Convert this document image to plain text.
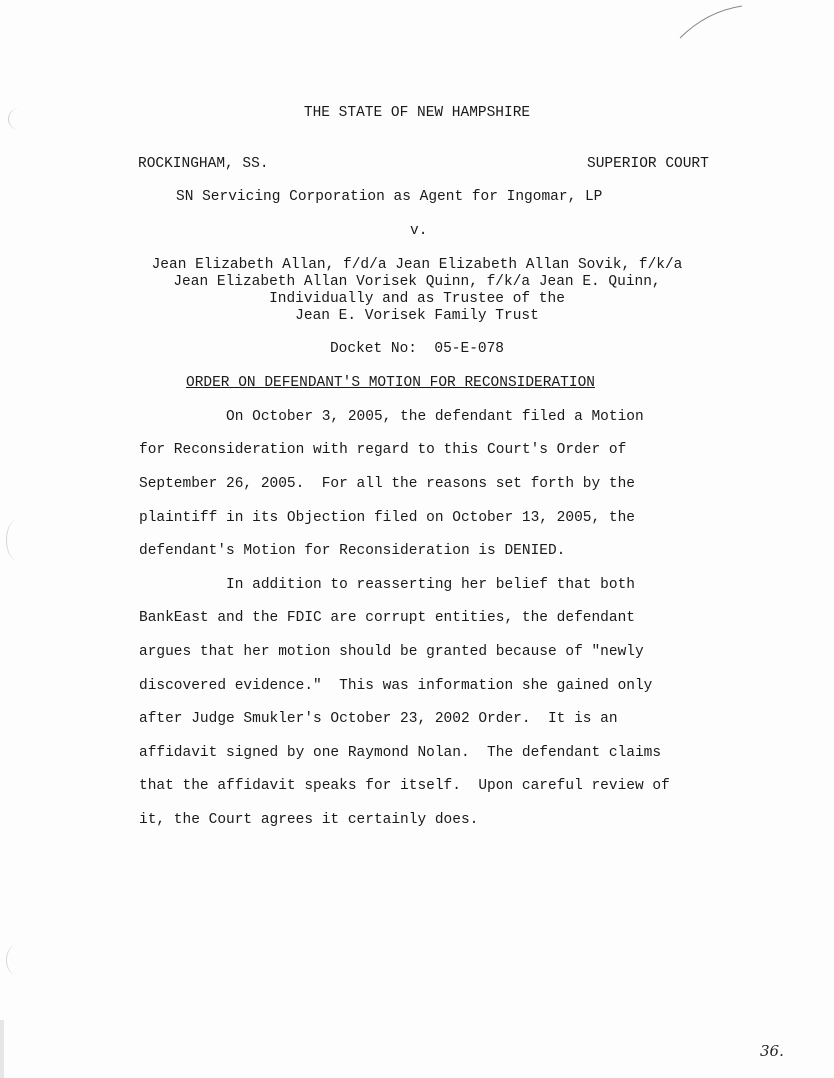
THE STATE OF NEW HAMPSHIRE

ROCKINGHAM, SS.	SUPERIOR COURT

SN Servicing Corporation as Agent for Ingomar, LP

v.

Jean Elizabeth Allan, f/d/a Jean Elizabeth Allan Sovik, f/k/a

Jean Elizabeth Allan Vorisek Quinn, f/k/a Jean E. Quinn,

Individually and as Trustee of the

Jean E. Vorisek Family Trust

Docket No:  05-E-078

ORDER ON DEFENDANT'S MOTION FOR RECONSIDERATION

On October 3, 2005, the defendant filed a Motion

for Reconsideration with regard to this Court's Order of

September 26, 2005.  For all the reasons set forth by the

plaintiff in its Objection filed on October 13, 2005, the

defendant's Motion for Reconsideration is DENIED.

In addition to reasserting her belief that both

BankEast and the FDIC are corrupt entities, the defendant

argues that her motion should be granted because of "newly

discovered evidence."  This was information she gained only

after Judge Smukler's October 23, 2002 Order.  It is an

affidavit signed by one Raymond Nolan.  The defendant claims

that the affidavit speaks for itself.  Upon careful review of

it, the Court agrees it certainly does.

36.
